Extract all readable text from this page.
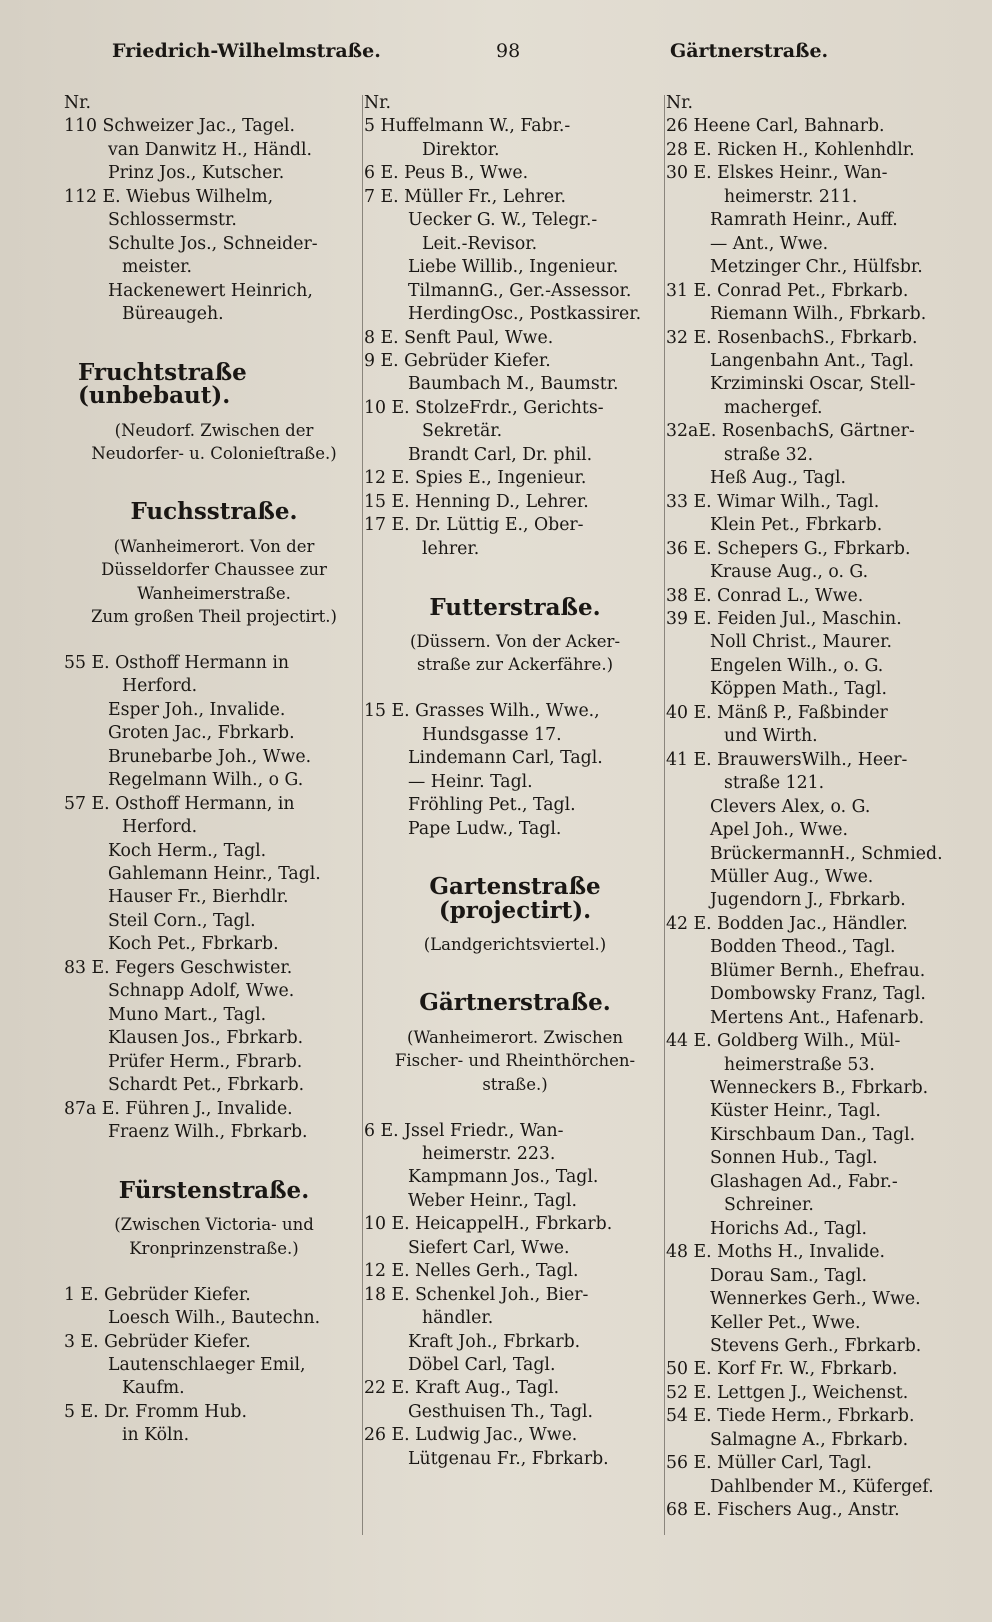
Friedrich-Wilhelmstraße.	98	Gärtnerstraße.
Nr.
110 Schweizer Jac., Tagel.
van Danwitz H., Händl.
Prinz Jos., Kutscher.
112 E. Wiebus Wilhelm,
Schlossermstr.
Schulte Jos., Schneider-
meister.
Hackenewert Heinrich,
Büreaugeh.
Fruchtstraße (unbebaut).
(Neudorf. Zwischen der
Neudorfer- u. Colonieſtraße.)
Fuchsstraße.
(Wanheimerort. Von der
Düsseldorfer Chaussee zur
Wanheimerstraße.
Zum großen Theil projectirt.)
55 E. Osthoff Hermann in
Herford.
Esper Joh., Invalide.
Groten Jac., Fbrkarb.
Brunebarbe Joh., Wwe.
Regelmann Wilh., o G.
57 E. Osthoff Hermann, in
Herford.
Koch Herm., Tagl.
Gahlemann Heinr., Tagl.
Hauser Fr., Bierhdlr.
Steil Corn., Tagl.
Koch Pet., Fbrkarb.
83 E. Fegers Geschwister.
Schnapp Adolf, Wwe.
Muno Mart., Tagl.
Klausen Jos., Fbrkarb.
Prüfer Herm., Fbrarb.
Schardt Pet., Fbrkarb.
87a E. Führen J., Invalide.
Fraenz Wilh., Fbrkarb.
Fürstenstraße.
(Zwischen Victoria- und
Kronprinzenstraße.)
1 E. Gebrüder Kiefer.
Loesch Wilh., Bautechn.
3 E. Gebrüder Kiefer.
Lautenschlaeger Emil,
Kaufm.
5 E. Dr. Fromm Hub.
in Köln.
Nr.
5 Huffelmann W., Fabr.-
Direktor.
6 E. Peus B., Wwe.
7 E. Müller Fr., Lehrer.
Uecker G. W., Telegr.-
Leit.-Revisor.
Liebe Willib., Ingenieur.
TilmannG., Ger.-Assessor.
HerdingOsc., Postkassirer.
8 E. Senft Paul, Wwe.
9 E. Gebrüder Kiefer.
Baumbach M., Baumstr.
10 E. StolzeFrdr., Gerichts-
Sekretär.
Brandt Carl, Dr. phil.
12 E. Spies E., Ingenieur.
15 E. Henning D., Lehrer.
17 E. Dr. Lüttig E., Ober-
lehrer.
Futterstraße.
(Düssern. Von der Acker-
straße zur Ackerfähre.)
15 E. Grasses Wilh., Wwe.,
Hundsgasse 17.
Lindemann Carl, Tagl.
— Heinr. Tagl.
Fröhling Pet., Tagl.
Pape Ludw., Tagl.
Gartenstraße (projectirt).
(Landgerichtsviertel.)
Gärtnerstraße.
(Wanheimerort. Zwischen
Fischer- und Rheinthörchen-
straße.)
6 E. Jssel Friedr., Wan-
heimerstr. 223.
Kampmann Jos., Tagl.
Weber Heinr., Tagl.
10 E. HeicappelH., Fbrkarb.
Siefert Carl, Wwe.
12 E. Nelles Gerh., Tagl.
18 E. Schenkel Joh., Bier-
händler.
Kraft Joh., Fbrkarb.
Döbel Carl, Tagl.
22 E. Kraft Aug., Tagl.
Gesthuisen Th., Tagl.
26 E. Ludwig Jac., Wwe.
Lütgenau Fr., Fbrkarb.
Nr.
26 Heene Carl, Bahnarb.
28 E. Ricken H., Kohlenhdlr.
30 E. Elskes Heinr., Wan-
heimerstr. 211.
Ramrath Heinr., Auff.
— Ant., Wwe.
Metzinger Chr., Hülfsbr.
31 E. Conrad Pet., Fbrkarb.
Riemann Wilh., Fbrkarb.
32 E. RosenbachS., Fbrkarb.
Langenbahn Ant., Tagl.
Krziminski Oscar, Stell-
machergef.
32aE. RosenbachS, Gärtner-
straße 32.
Heß Aug., Tagl.
33 E. Wimar Wilh., Tagl.
Klein Pet., Fbrkarb.
36 E. Schepers G., Fbrkarb.
Krause Aug., o. G.
38 E. Conrad L., Wwe.
39 E. Feiden Jul., Maschin.
Noll Christ., Maurer.
Engelen Wilh., o. G.
Köppen Math., Tagl.
40 E. Mänß P., Faßbinder
und Wirth.
41 E. BrauwersWilh., Heer-
straße 121.
Clevers Alex, o. G.
Apel Joh., Wwe.
BrückermannH., Schmied.
Müller Aug., Wwe.
Jugendorn J., Fbrkarb.
42 E. Bodden Jac., Händler.
Bodden Theod., Tagl.
Blümer Bernh., Ehefrau.
Dombowsky Franz, Tagl.
Mertens Ant., Hafenarb.
44 E. Goldberg Wilh., Mül-
heimerstraße 53.
Wenneckers B., Fbrkarb.
Küster Heinr., Tagl.
Kirschbaum Dan., Tagl.
Sonnen Hub., Tagl.
Glashagen Ad., Fabr.-
Schreiner.
Horichs Ad., Tagl.
48 E. Moths H., Invalide.
Dorau Sam., Tagl.
Wennerkes Gerh., Wwe.
Keller Pet., Wwe.
Stevens Gerh., Fbrkarb.
50 E. Korf Fr. W., Fbrkarb.
52 E. Lettgen J., Weichenst.
54 E. Tiede Herm., Fbrkarb.
Salmagne A., Fbrkarb.
56 E. Müller Carl, Tagl.
Dahlbender M., Küfergef.
68 E. Fischers Aug., Anstr.
